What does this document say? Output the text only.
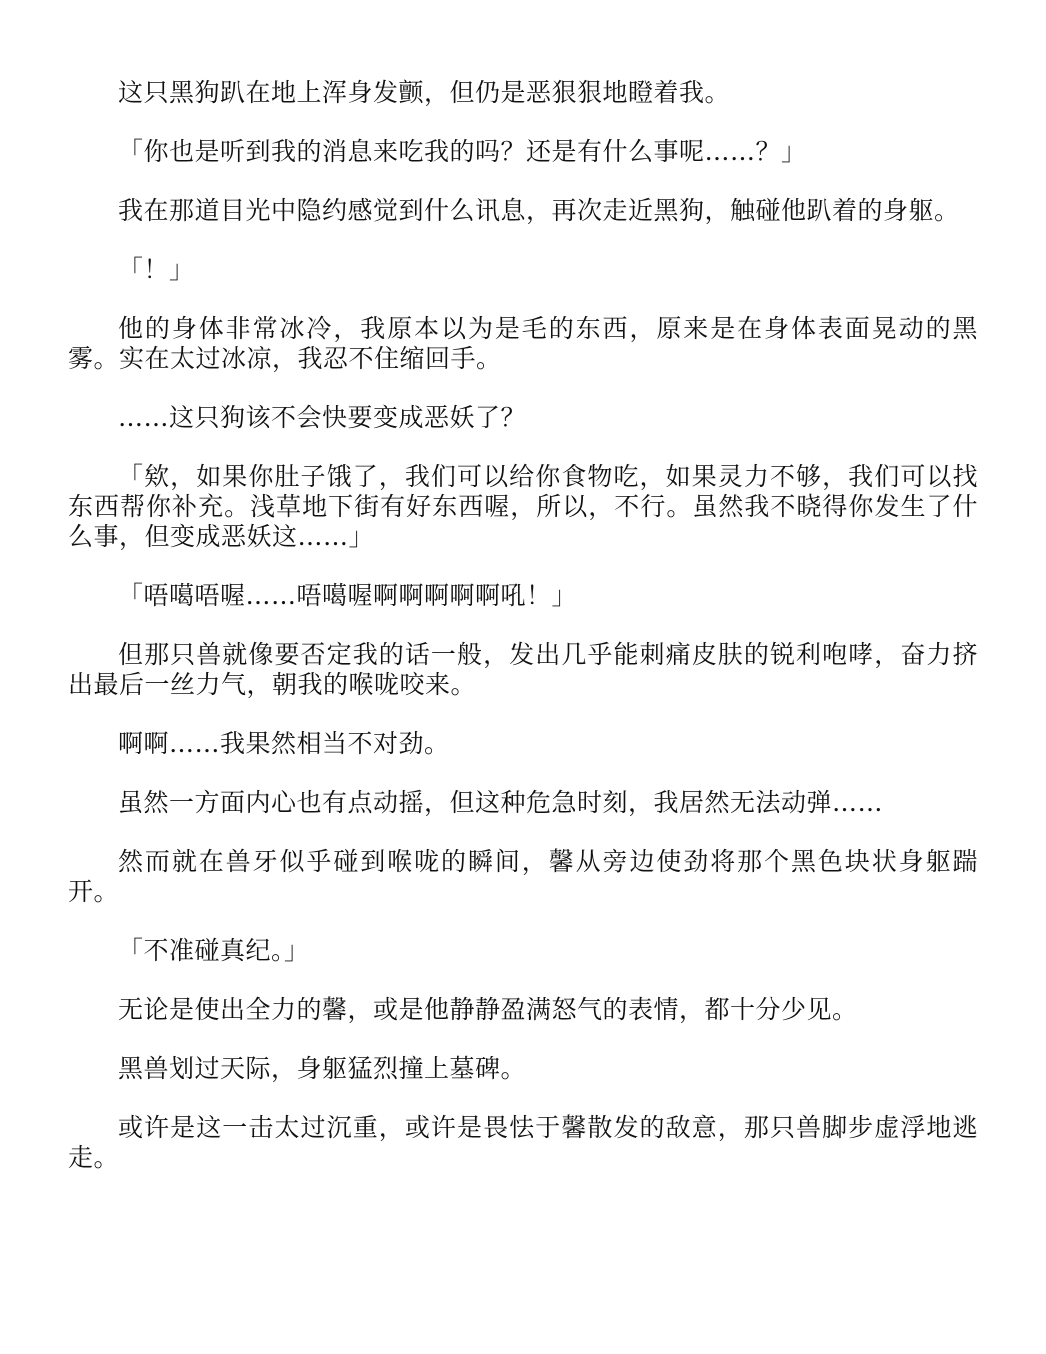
这只黑狗趴在地上浑身发颤，但仍是恶狠狠地瞪着我。

「你也是听到我的消息来吃我的吗？还是有什么事呢……？」

我在那道目光中隐约感觉到什么讯息，再次走近黑狗，触碰他趴着的身躯。

「！」

他的身体非常冰冷，我原本以为是毛的东西，原来是在身体表面晃动的黑雾。实在太过冰凉，我忍不住缩回手。

……这只狗该不会快要变成恶妖了？

「欸，如果你肚子饿了，我们可以给你食物吃，如果灵力不够，我们可以找东西帮你补充。浅草地下街有好东西喔，所以，不行。虽然我不晓得你发生了什么事，但变成恶妖这……」

「唔噶唔喔……唔噶喔啊啊啊啊啊吼！」

但那只兽就像要否定我的话一般，发出几乎能刺痛皮肤的锐利咆哮，奋力挤出最后一丝力气，朝我的喉咙咬来。

啊啊……我果然相当不对劲。

虽然一方面内心也有点动摇，但这种危急时刻，我居然无法动弹……

然而就在兽牙似乎碰到喉咙的瞬间，馨从旁边使劲将那个黑色块状身躯踹开。

「不准碰真纪。」

无论是使出全力的馨，或是他静静盈满怒气的表情，都十分少见。

黑兽划过天际，身躯猛烈撞上墓碑。

或许是这一击太过沉重，或许是畏怯于馨散发的敌意，那只兽脚步虚浮地逃走。
